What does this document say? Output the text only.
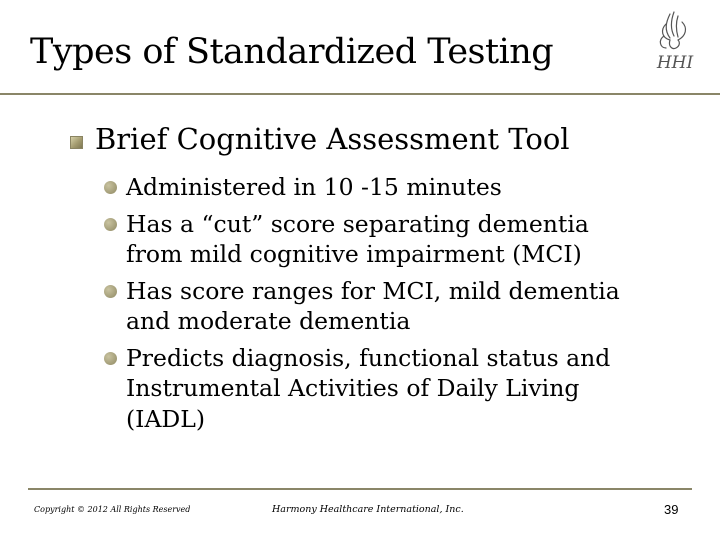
Types of Standardized Testing	HHI
Brief Cognitive Assessment Tool
Administered in 10 -15 minutes
Has a “cut” score separating dementia
from mild cognitive impairment (MCI)
Has score ranges for MCI, mild dementia
and moderate dementia
Predicts diagnosis, functional status and
Instrumental Activities of Daily Living
(IADL)
Copyright © 2012 All Rights Reserved	Harmony Healthcare International, Inc.	39
